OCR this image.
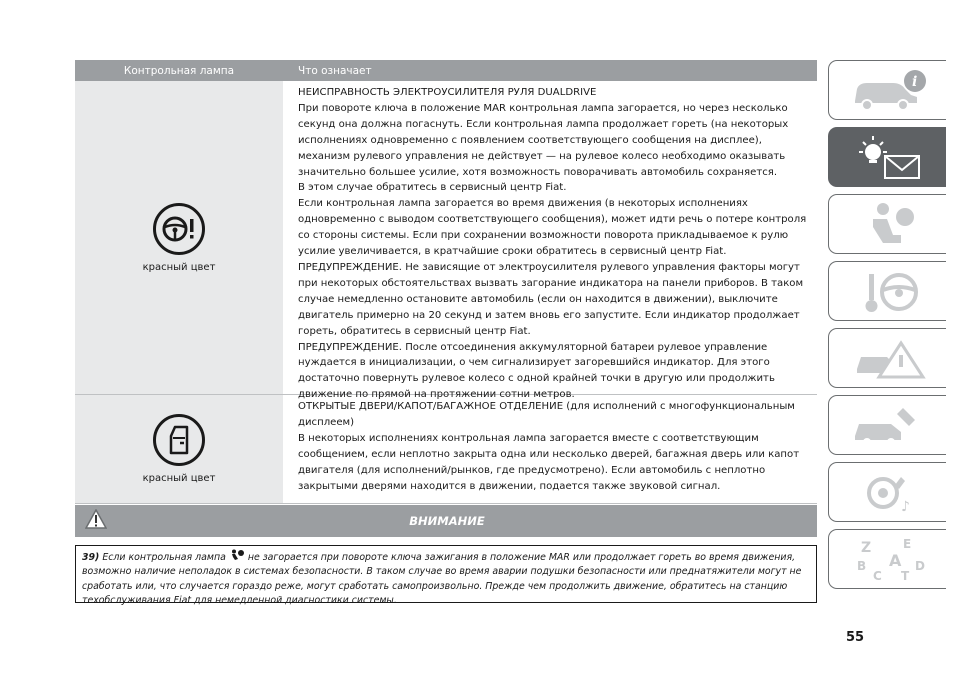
Контрольная лампа	Что означает
красный цвет

НЕИСПРАВНОСТЬ ЭЛЕКТРОУСИЛИТЕЛЯ РУЛЯ DUALDRIVE

При повороте ключа в положение MAR контрольная лампа загорается, но через несколько секунд она должна погаснуть. Если контрольная лампа продолжает гореть (на некоторых исполнениях одновременно с появлением соответствующего сообщения на дисплее), механизм рулевого управления не действует — на рулевое колесо необходимо оказывать значительно большее усилие, хотя возможность поворачивать автомобиль сохраняется.

В этом случае обратитесь в сервисный центр Fiat.

Если контрольная лампа загорается во время движения (в некоторых исполнениях одновременно с выводом соответствующего сообщения), может идти речь о потере контроля со стороны системы. Если при сохранении возможности поворота прикладываемое к рулю усилие увеличивается, в кратчайшие сроки обратитесь в сервисный центр Fiat.

ПРЕДУПРЕЖДЕНИЕ. Не зависящие от электроусилителя рулевого управления факторы могут при некоторых обстоятельствах вызвать загорание индикатора на панели приборов. В таком случае немедленно остановите автомобиль (если он находится в движении), выключите двигатель примерно на 20 секунд и затем вновь его запустите. Если индикатор продолжает гореть, обратитесь в сервисный центр Fiat.

ПРЕДУПРЕЖДЕНИЕ. После отсоединения аккумуляторной батареи рулевое управление нуждается в инициализации, о чем сигнализирует загоревшийся индикатор. Для этого достаточно повернуть рулевое колесо с одной крайней точки в другую или продолжить движение по прямой на протяжении сотни метров.

красный цвет

ОТКРЫТЫЕ ДВЕРИ/КАПОТ/БАГАЖНОЕ ОТДЕЛЕНИЕ (для исполнений с многофункциональным дисплеем)

В некоторых исполнениях контрольная лампа загорается вместе с соответствующим сообщением, если неплотно закрыта одна или несколько дверей, багажная дверь или капот двигателя (для исполнений/рынков, где предусмотрено). Если автомобиль с неплотно закрытыми дверями находится в движении, подается также звуковой сигнал.

ВНИМАНИЕ
39) Если контрольная лампа не загорается при повороте ключа зажигания в положение MAR или продолжает гореть во время движения, возможно наличие неполадок в системах безопасности. В таком случае во время аварии подушки безопасности или преднатяжители могут не сработать или, что случается гораздо реже, могут сработать самопроизвольно. Прежде чем продолжить движение, обратитесь на станцию техобслуживания Fiat для немедленной диагностики системы.
55
i
♪
Z	E
A
B
C T
D
